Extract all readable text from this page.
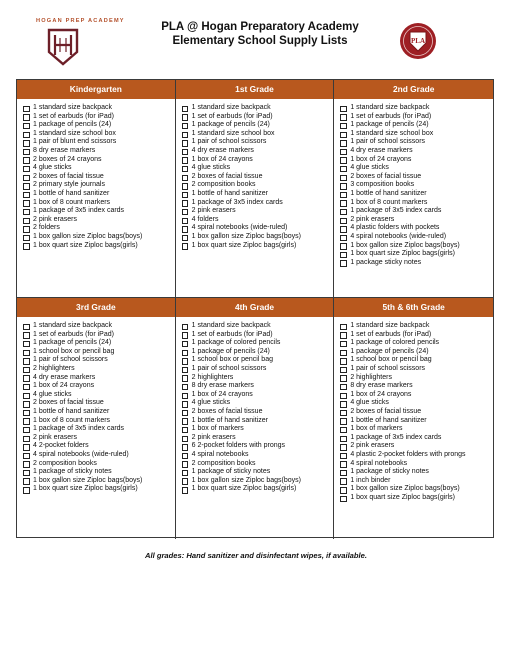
HOGAN PREP ACADEMY	PLA @ Hogan Preparatory Academy
Elementary School Supply Lists	PLA
Kindergarten
1 standard size backpack
1 set of earbuds (for iPad)
1 package of pencils (24)
1 standard size school box
1 pair of blunt end scissors
8 dry erase markers
2 boxes of 24 crayons
4 glue sticks
2 boxes of facial tissue
2 primary style journals
1 bottle of hand sanitizer
1 box of 8 count markers
1 package of 3x5 index cards
2 pink erasers
2 folders
1 box gallon size Ziploc bags(boys)
1 box quart size Ziploc bags(girls)
1st Grade
1 standard size backpack
1 set of earbuds (for iPad)
1 package of pencils (24)
1 standard size school box
1 pair of school scissors
4 dry erase markers
1 box of 24 crayons
4 glue sticks
2 boxes of facial tissue
2 composition books
1 bottle of hand sanitizer
1 package of 3x5 index cards
2 pink erasers
4 folders
4 spiral notebooks (wide-ruled)
1 box gallon size Ziploc bags(boys)
1 box quart size Ziploc bags(girls)
2nd Grade
1 standard size backpack
1 set of earbuds (for iPad)
1 package of pencils (24)
1 standard size school box
1 pair of school scissors
4 dry erase markers
1 box of 24 crayons
4 glue sticks
2 boxes of facial tissue
3 composition books
1 bottle of hand sanitizer
1 box of 8 count markers
1 package of 3x5 index cards
2 pink erasers
4 plastic folders with pockets
4 spiral notebooks (wide-ruled)
1 box gallon size Ziploc bags(boys)
1 box quart size Ziploc bags(girls)
1 package sticky notes
3rd Grade
1 standard size backpack
1 set of earbuds (for iPad)
1 package of pencils (24)
1 school box or pencil bag
1 pair of school scissors
2 highlighters
4 dry erase markers
1 box of 24 crayons
4 glue sticks
2 boxes of facial tissue
1 bottle of hand sanitizer
1 box of 8 count markers
1 package of 3x5 index cards
2 pink erasers
4 2-pocket folders
4 spiral notebooks (wide-ruled)
2 composition books
1 package of sticky notes
1 box gallon size Ziploc bags(boys)
1 box quart size Ziploc bags(girls)
4th Grade
1 standard size backpack
1 set of earbuds (for iPad)
1 package of colored pencils
1 package of pencils (24)
1 school box or pencil bag
1 pair of school scissors
2 highlighters
8 dry erase markers
1 box of 24 crayons
4 glue sticks
2 boxes of facial tissue
1 bottle of hand sanitizer
1 box of markers
2 pink erasers
6 2-pocket folders with prongs
4 spiral notebooks
2 composition books
1 package of sticky notes
1 box gallon size Ziploc bags(boys)
1 box quart size Ziploc bags(girls)
5th & 6th Grade
1 standard size backpack
1 set of earbuds (for iPad)
1 package of colored pencils
1 package of pencils (24)
1 school box or pencil bag
1 pair of school scissors
2 highlighters
8 dry erase markers
1 box of 24 crayons
4 glue sticks
2 boxes of facial tissue
1 bottle of hand sanitizer
1 box of markers
1 package of 3x5 index cards
2 pink erasers
4 plastic 2-pocket folders with prongs
4 spiral notebooks
1 package of sticky notes
1 inch binder
1 box gallon size Ziploc bags(boys)
1 box quart size Ziploc bags(girls)
All grades: Hand sanitizer and disinfectant wipes, if available.
